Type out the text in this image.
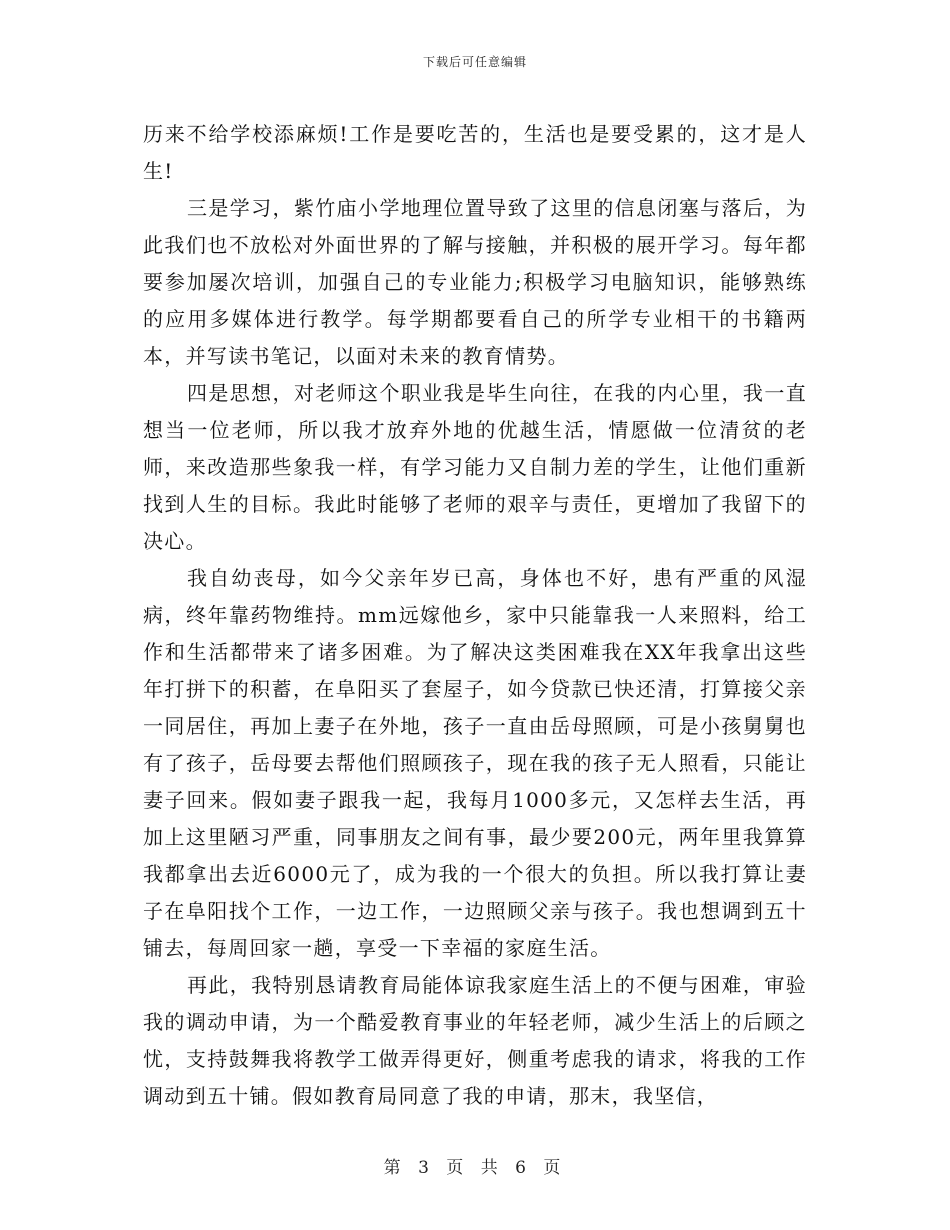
下载后可任意编辑

历来不给学校添麻烦!工作是要吃苦的，生活也是要受累的，这才是人生!

三是学习，紫竹庙小学地理位置导致了这里的信息闭塞与落后，为此我们也不放松对外面世界的了解与接触，并积极的展开学习。每年都要参加屡次培训，加强自己的专业能力;积极学习电脑知识，能够熟练的应用多媒体进行教学。每学期都要看自己的所学专业相干的书籍两本，并写读书笔记，以面对未来的教育情势。

四是思想，对老师这个职业我是毕生向往，在我的内心里，我一直想当一位老师，所以我才放弃外地的优越生活，情愿做一位清贫的老师，来改造那些象我一样，有学习能力又自制力差的学生，让他们重新找到人生的目标。我此时能够了老师的艰辛与责任，更增加了我留下的决心。

我自幼丧母，如今父亲年岁已高，身体也不好，患有严重的风湿病，终年靠药物维持。mm远嫁他乡，家中只能靠我一人来照料，给工作和生活都带来了诸多困难。为了解决这类困难我在XX年我拿出这些年打拼下的积蓄，在阜阳买了套屋子，如今贷款已快还清，打算接父亲一同居住，再加上妻子在外地，孩子一直由岳母照顾，可是小孩舅舅也有了孩子，岳母要去帮他们照顾孩子，现在我的孩子无人照看，只能让妻子回来。假如妻子跟我一起，我每月1000多元，又怎样去生活，再加上这里陋习严重，同事朋友之间有事，最少要200元，两年里我算算我都拿出去近6000元了，成为我的一个很大的负担。所以我打算让妻子在阜阳找个工作，一边工作，一边照顾父亲与孩子。我也想调到五十铺去，每周回家一趟，享受一下幸福的家庭生活。

再此，我特别恳请教育局能体谅我家庭生活上的不便与困难，审验我的调动申请，为一个酷爱教育事业的年轻老师，减少生活上的后顾之忧，支持鼓舞我将教学工做弄得更好，侧重考虑我的请求，将我的工作调动到五十铺。假如教育局同意了我的申请，那末，我坚信，

第 3 页 共 6 页
